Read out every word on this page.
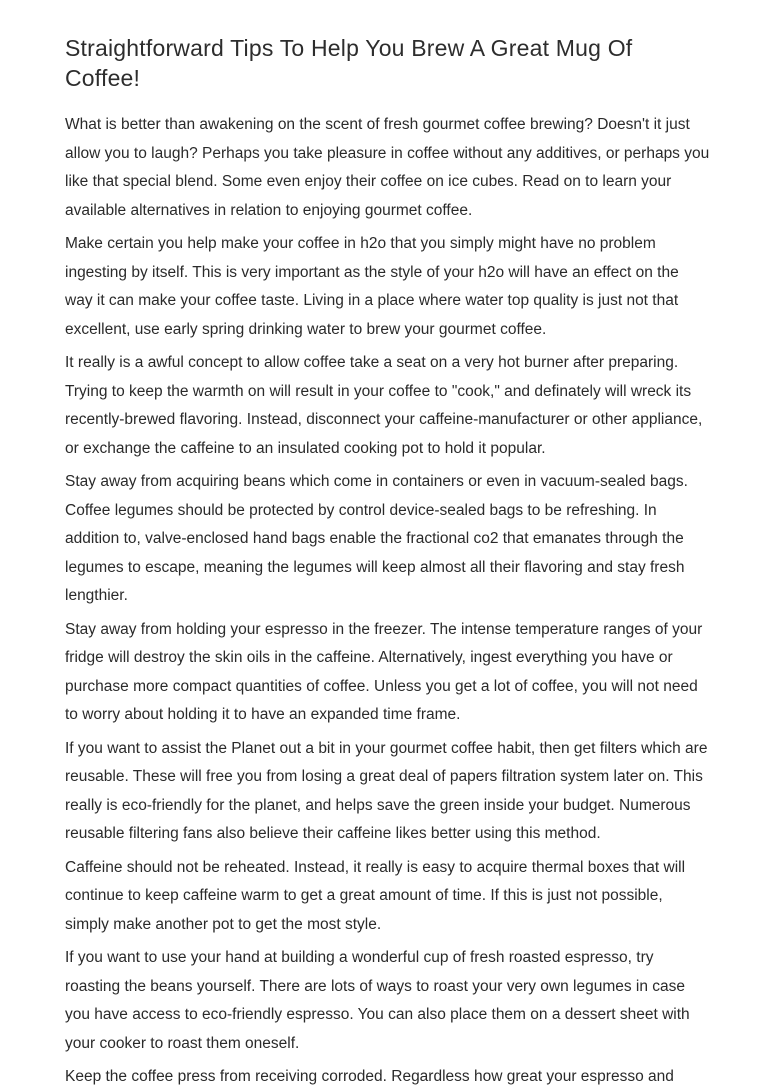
Straightforward Tips To Help You Brew A Great Mug Of Coffee!

What is better than awakening on the scent of fresh gourmet coffee brewing? Doesn't it just allow you to laugh? Perhaps you take pleasure in coffee without any additives, or perhaps you like that special blend. Some even enjoy their coffee on ice cubes. Read on to learn your available alternatives in relation to enjoying gourmet coffee.

Make certain you help make your coffee in h2o that you simply might have no problem ingesting by itself. This is very important as the style of your h2o will have an effect on the way it can make your coffee taste. Living in a place where water top quality is just not that excellent, use early spring drinking water to brew your gourmet coffee.

It really is a awful concept to allow coffee take a seat on a very hot burner after preparing. Trying to keep the warmth on will result in your coffee to "cook," and definately will wreck its recently-brewed flavoring. Instead, disconnect your caffeine-manufacturer or other appliance, or exchange the caffeine to an insulated cooking pot to hold it popular.

Stay away from acquiring beans which come in containers or even in vacuum-sealed bags. Coffee legumes should be protected by control device-sealed bags to be refreshing. In addition to, valve-enclosed hand bags enable the fractional co2 that emanates through the legumes to escape, meaning the legumes will keep almost all their flavoring and stay fresh lengthier.

Stay away from holding your espresso in the freezer. The intense temperature ranges of your fridge will destroy the skin oils in the caffeine. Alternatively, ingest everything you have or purchase more compact quantities of coffee. Unless you get a lot of coffee, you will not need to worry about holding it to have an expanded time frame.

If you want to assist the Planet out a bit in your gourmet coffee habit, then get filters which are reusable. These will free you from losing a great deal of papers filtration system later on. This really is eco-friendly for the planet, and helps save the green inside your budget. Numerous reusable filtering fans also believe their caffeine likes better using this method.

Caffeine should not be reheated. Instead, it really is easy to acquire thermal boxes that will continue to keep caffeine warm to get a great amount of time. If this is just not possible, simply make another pot to get the most style.

If you want to use your hand at building a wonderful cup of fresh roasted espresso, try roasting the beans yourself. There are lots of ways to roast your very own legumes in case you have access to eco-friendly espresso. You can also place them on a dessert sheet with your cooker to roast them oneself.

Keep the coffee press from receiving corroded. Regardless how great your espresso and
